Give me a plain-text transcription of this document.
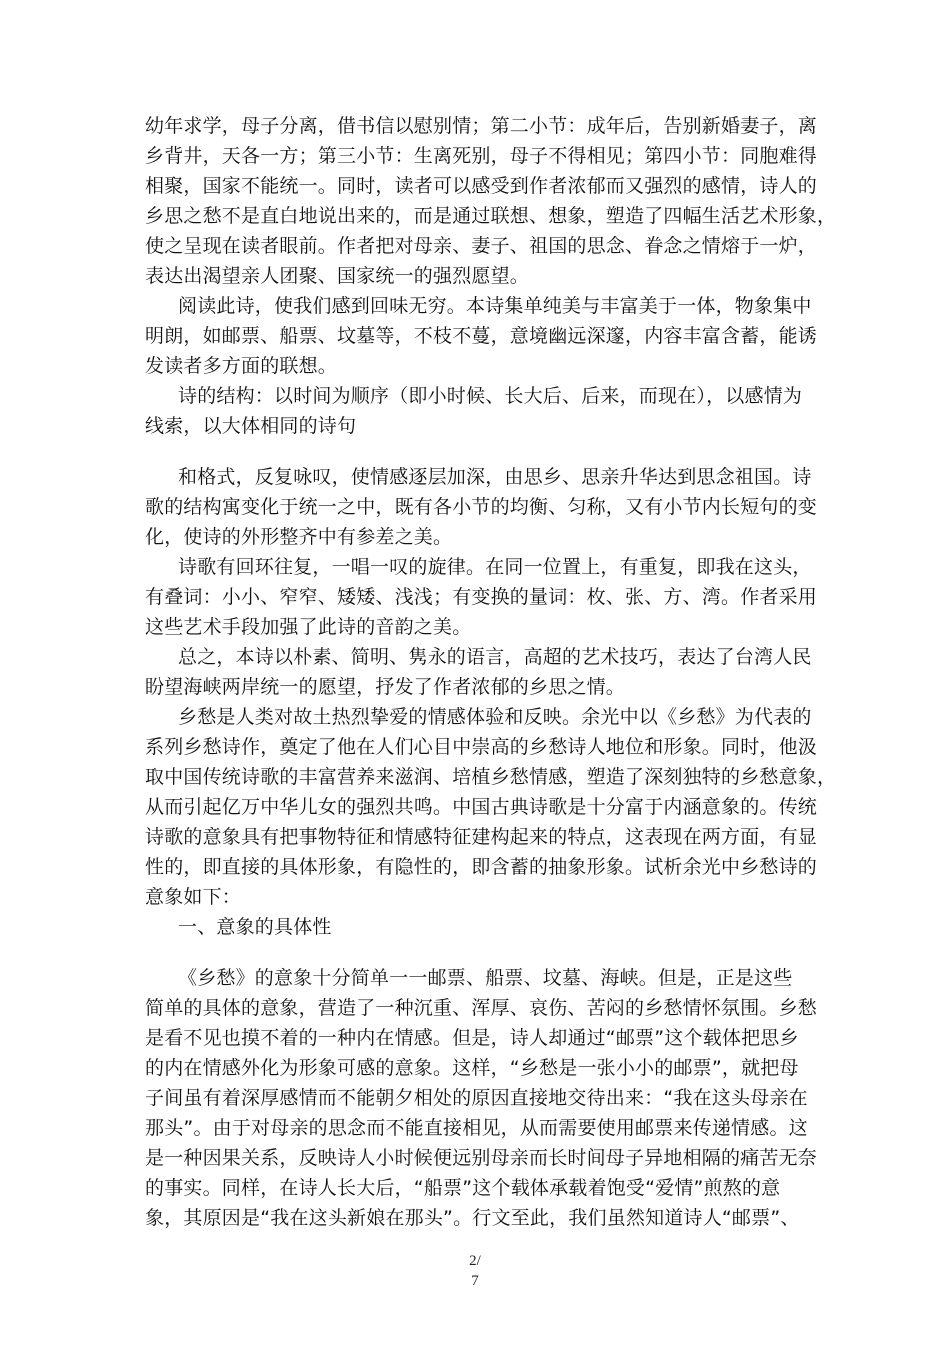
幼年求学，母子分离，借书信以慰别情；第二小节：成年后，告别新婚妻子，离
乡背井，天各一方；第三小节：生离死别，母子不得相见；第四小节：同胞难得
相聚，国家不能统一。同时，读者可以感受到作者浓郁而又强烈的感情，诗人的
乡思之愁不是直白地说出来的，而是通过联想、想象，塑造了四幅生活艺术形象，
使之呈现在读者眼前。作者把对母亲、妻子、祖国的思念、眷念之情熔于一炉，
表达出渴望亲人团聚、国家统一的强烈愿望。
阅读此诗，使我们感到回味无穷。本诗集单纯美与丰富美于一体，物象集中
明朗，如邮票、船票、坟墓等，不枝不蔓，意境幽远深邃，内容丰富含蓄，能诱
发读者多方面的联想。
诗的结构：以时间为顺序（即小时候、长大后、后来，而现在），以感情为
线索，以大体相同的诗句
和格式，反复咏叹，使情感逐层加深，由思乡、思亲升华达到思念祖国。诗
歌的结构寓变化于统一之中，既有各小节的均衡、匀称，又有小节内长短句的变
化，使诗的外形整齐中有参差之美。
诗歌有回环往复，一唱一叹的旋律。在同一位置上，有重复，即我在这头，
有叠词：小小、窄窄、矮矮、浅浅；有变换的量词：枚、张、方、湾。作者采用
这些艺术手段加强了此诗的音韵之美。
总之，本诗以朴素、简明、隽永的语言，高超的艺术技巧，表达了台湾人民
盼望海峡两岸统一的愿望，抒发了作者浓郁的乡思之情。
乡愁是人类对故土热烈挚爱的情感体验和反映。余光中以《乡愁》为代表的
系列乡愁诗作，奠定了他在人们心目中崇高的乡愁诗人地位和形象。同时，他汲
取中国传统诗歌的丰富营养来滋润、培植乡愁情感，塑造了深刻独特的乡愁意象，
从而引起亿万中华儿女的强烈共鸣。中国古典诗歌是十分富于内涵意象的。传统
诗歌的意象具有把事物特征和情感特征建构起来的特点，这表现在两方面，有显
性的，即直接的具体形象，有隐性的，即含蓄的抽象形象。试析余光中乡愁诗的
意象如下：
一、意象的具体性
《乡愁》的意象十分简单一一邮票、船票、坟墓、海峡。但是，正是这些
简单的具体的意象，营造了一种沉重、浑厚、哀伤、苦闷的乡愁情怀氛围。乡愁
是看不见也摸不着的一种内在情感。但是，诗人却通过“邮票”这个载体把思乡
的内在情感外化为形象可感的意象。这样，“乡愁是一张小小的邮票”，就把母
子间虽有着深厚感情而不能朝夕相处的原因直接地交待出来：“我在这头母亲在
那头”。由于对母亲的思念而不能直接相见，从而需要使用邮票来传递情感。这
是一种因果关系，反映诗人小时候便远别母亲而长时间母子异地相隔的痛苦无奈
的事实。同样，在诗人长大后，“船票”这个载体承载着饱受“爱情”煎熬的意
象，其原因是“我在这头新娘在那头”。行文至此，我们虽然知道诗人“邮票”、
2/
7
